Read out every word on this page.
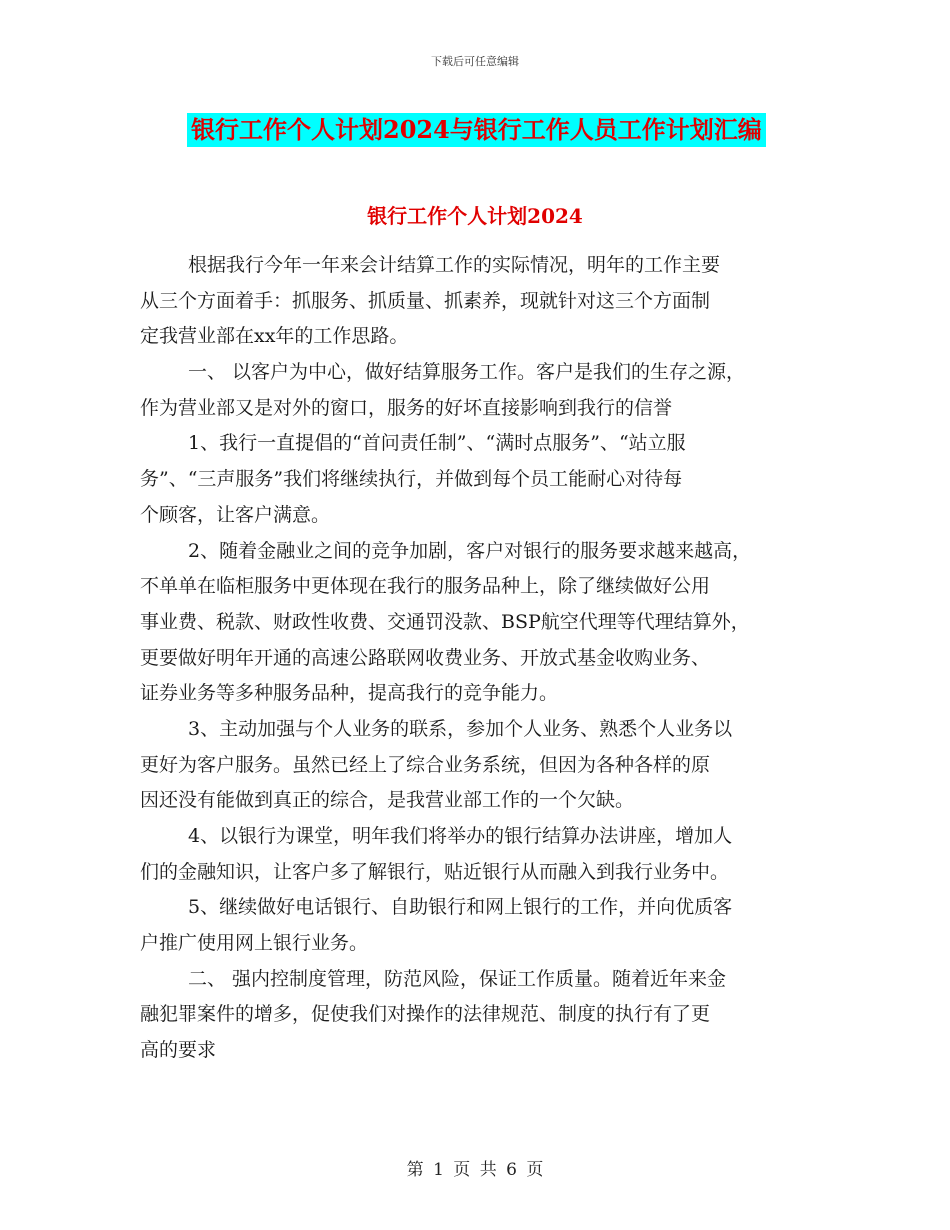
下载后可任意编辑
银行工作个人计划2024与银行工作人员工作计划汇编
银行工作个人计划2024

根据我行今年一年来会计结算工作的实际情况，明年的工作主要
从三个方面着手：抓服务、抓质量、抓素养，现就针对这三个方面制
定我营业部在xx年的工作思路。

一、 以客户为中心，做好结算服务工作。客户是我们的生存之源，
作为营业部又是对外的窗口，服务的好坏直接影响到我行的信誉

1、我行一直提倡的“首问责任制”、“满时点服务”、“站立服
务”、“三声服务”我们将继续执行，并做到每个员工能耐心对待每
个顾客，让客户满意。

2、随着金融业之间的竞争加剧，客户对银行的服务要求越来越高，
不单单在临柜服务中更体现在我行的服务品种上，除了继续做好公用
事业费、税款、财政性收费、交通罚没款、BSP航空代理等代理结算外，
更要做好明年开通的高速公路联网收费业务、开放式基金收购业务、
证券业务等多种服务品种，提高我行的竞争能力。

3、主动加强与个人业务的联系，参加个人业务、熟悉个人业务以
更好为客户服务。虽然已经上了综合业务系统，但因为各种各样的原
因还没有能做到真正的综合，是我营业部工作的一个欠缺。

4、以银行为课堂，明年我们将举办的银行结算办法讲座，增加人
们的金融知识，让客户多了解银行，贴近银行从而融入到我行业务中。

5、继续做好电话银行、自助银行和网上银行的工作，并向优质客
户推广使用网上银行业务。

二、 强内控制度管理，防范风险，保证工作质量。随着近年来金
融犯罪案件的增多，促使我们对操作的法律规范、制度的执行有了更
高的要求

第 1 页 共 6 页
